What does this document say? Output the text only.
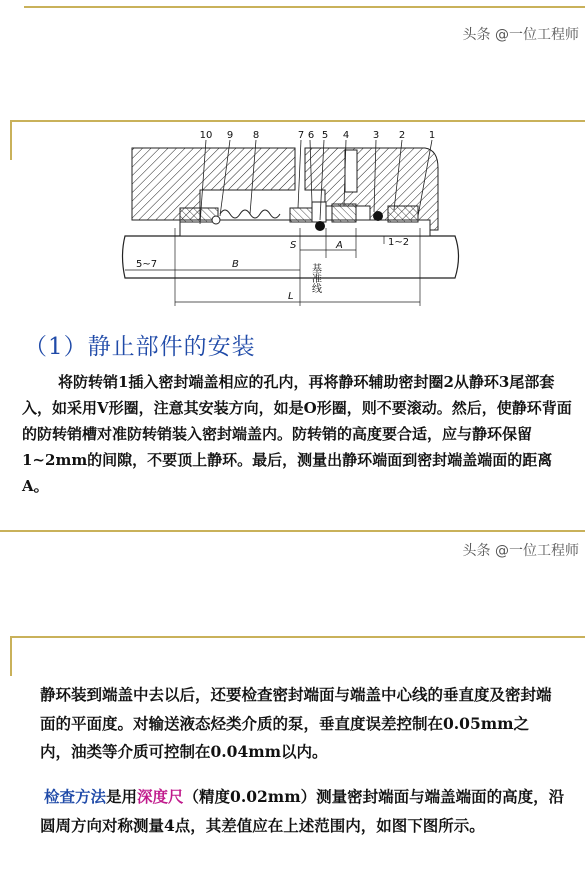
头条 @一位工程师
10 9 8	7 6 5 4 3 2 1
5~7	B
S	A
L
1~2
基准线
（1）静止部件的安装
将防转销1插入密封端盖相应的孔内，再将静环辅助密封圈2从静环3尾部套入，如采用V形圈，注意其安装方向，如是O形圈，则不要滚动。然后，使静环背面的防转销槽对准防转销装入密封端盖内。防转销的高度要合适，应与静环保留1~2mm的间隙，不要顶上静环。最后，测量出静环端面到密封端盖端面的距离A。
头条 @一位工程师
静环装到端盖中去以后，还要检查密封端面与端盖中心线的垂直度及密封端面的平面度。对输送液态烃类介质的泵，垂直度误差控制在0.05mm之内，油类等介质可控制在0.04mm以内。
检查方法是用深度尺（精度0.02mm）测量密封端面与端盖端面的高度，沿圆周方向对称测量4点，其差值应在上述范围内，如图下图所示。
